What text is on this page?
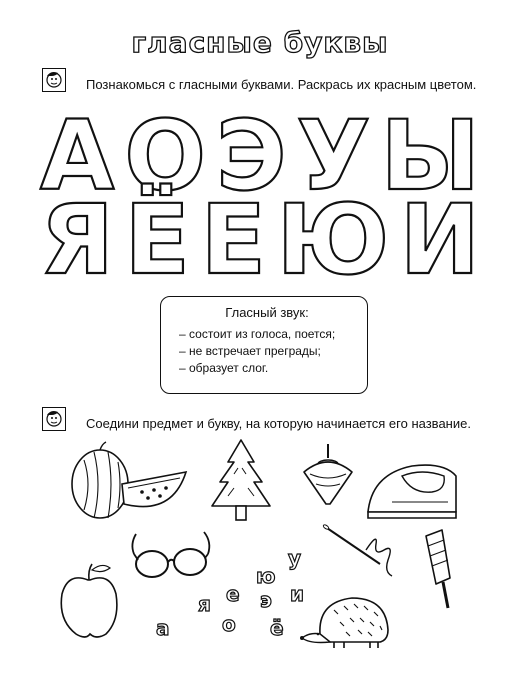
гласные буквы
Познакомься с гласными буквами. Раскрась их красным цветом.
А О Э У Ы
Я Ё Е Ю И
Гласный звук:
– состоит из голоса, поется;
– не встречает преграды;
– образует слог.
Соедини предмет и букву, на которую начинается его название.
ю
у
я е э и
а	о ё
